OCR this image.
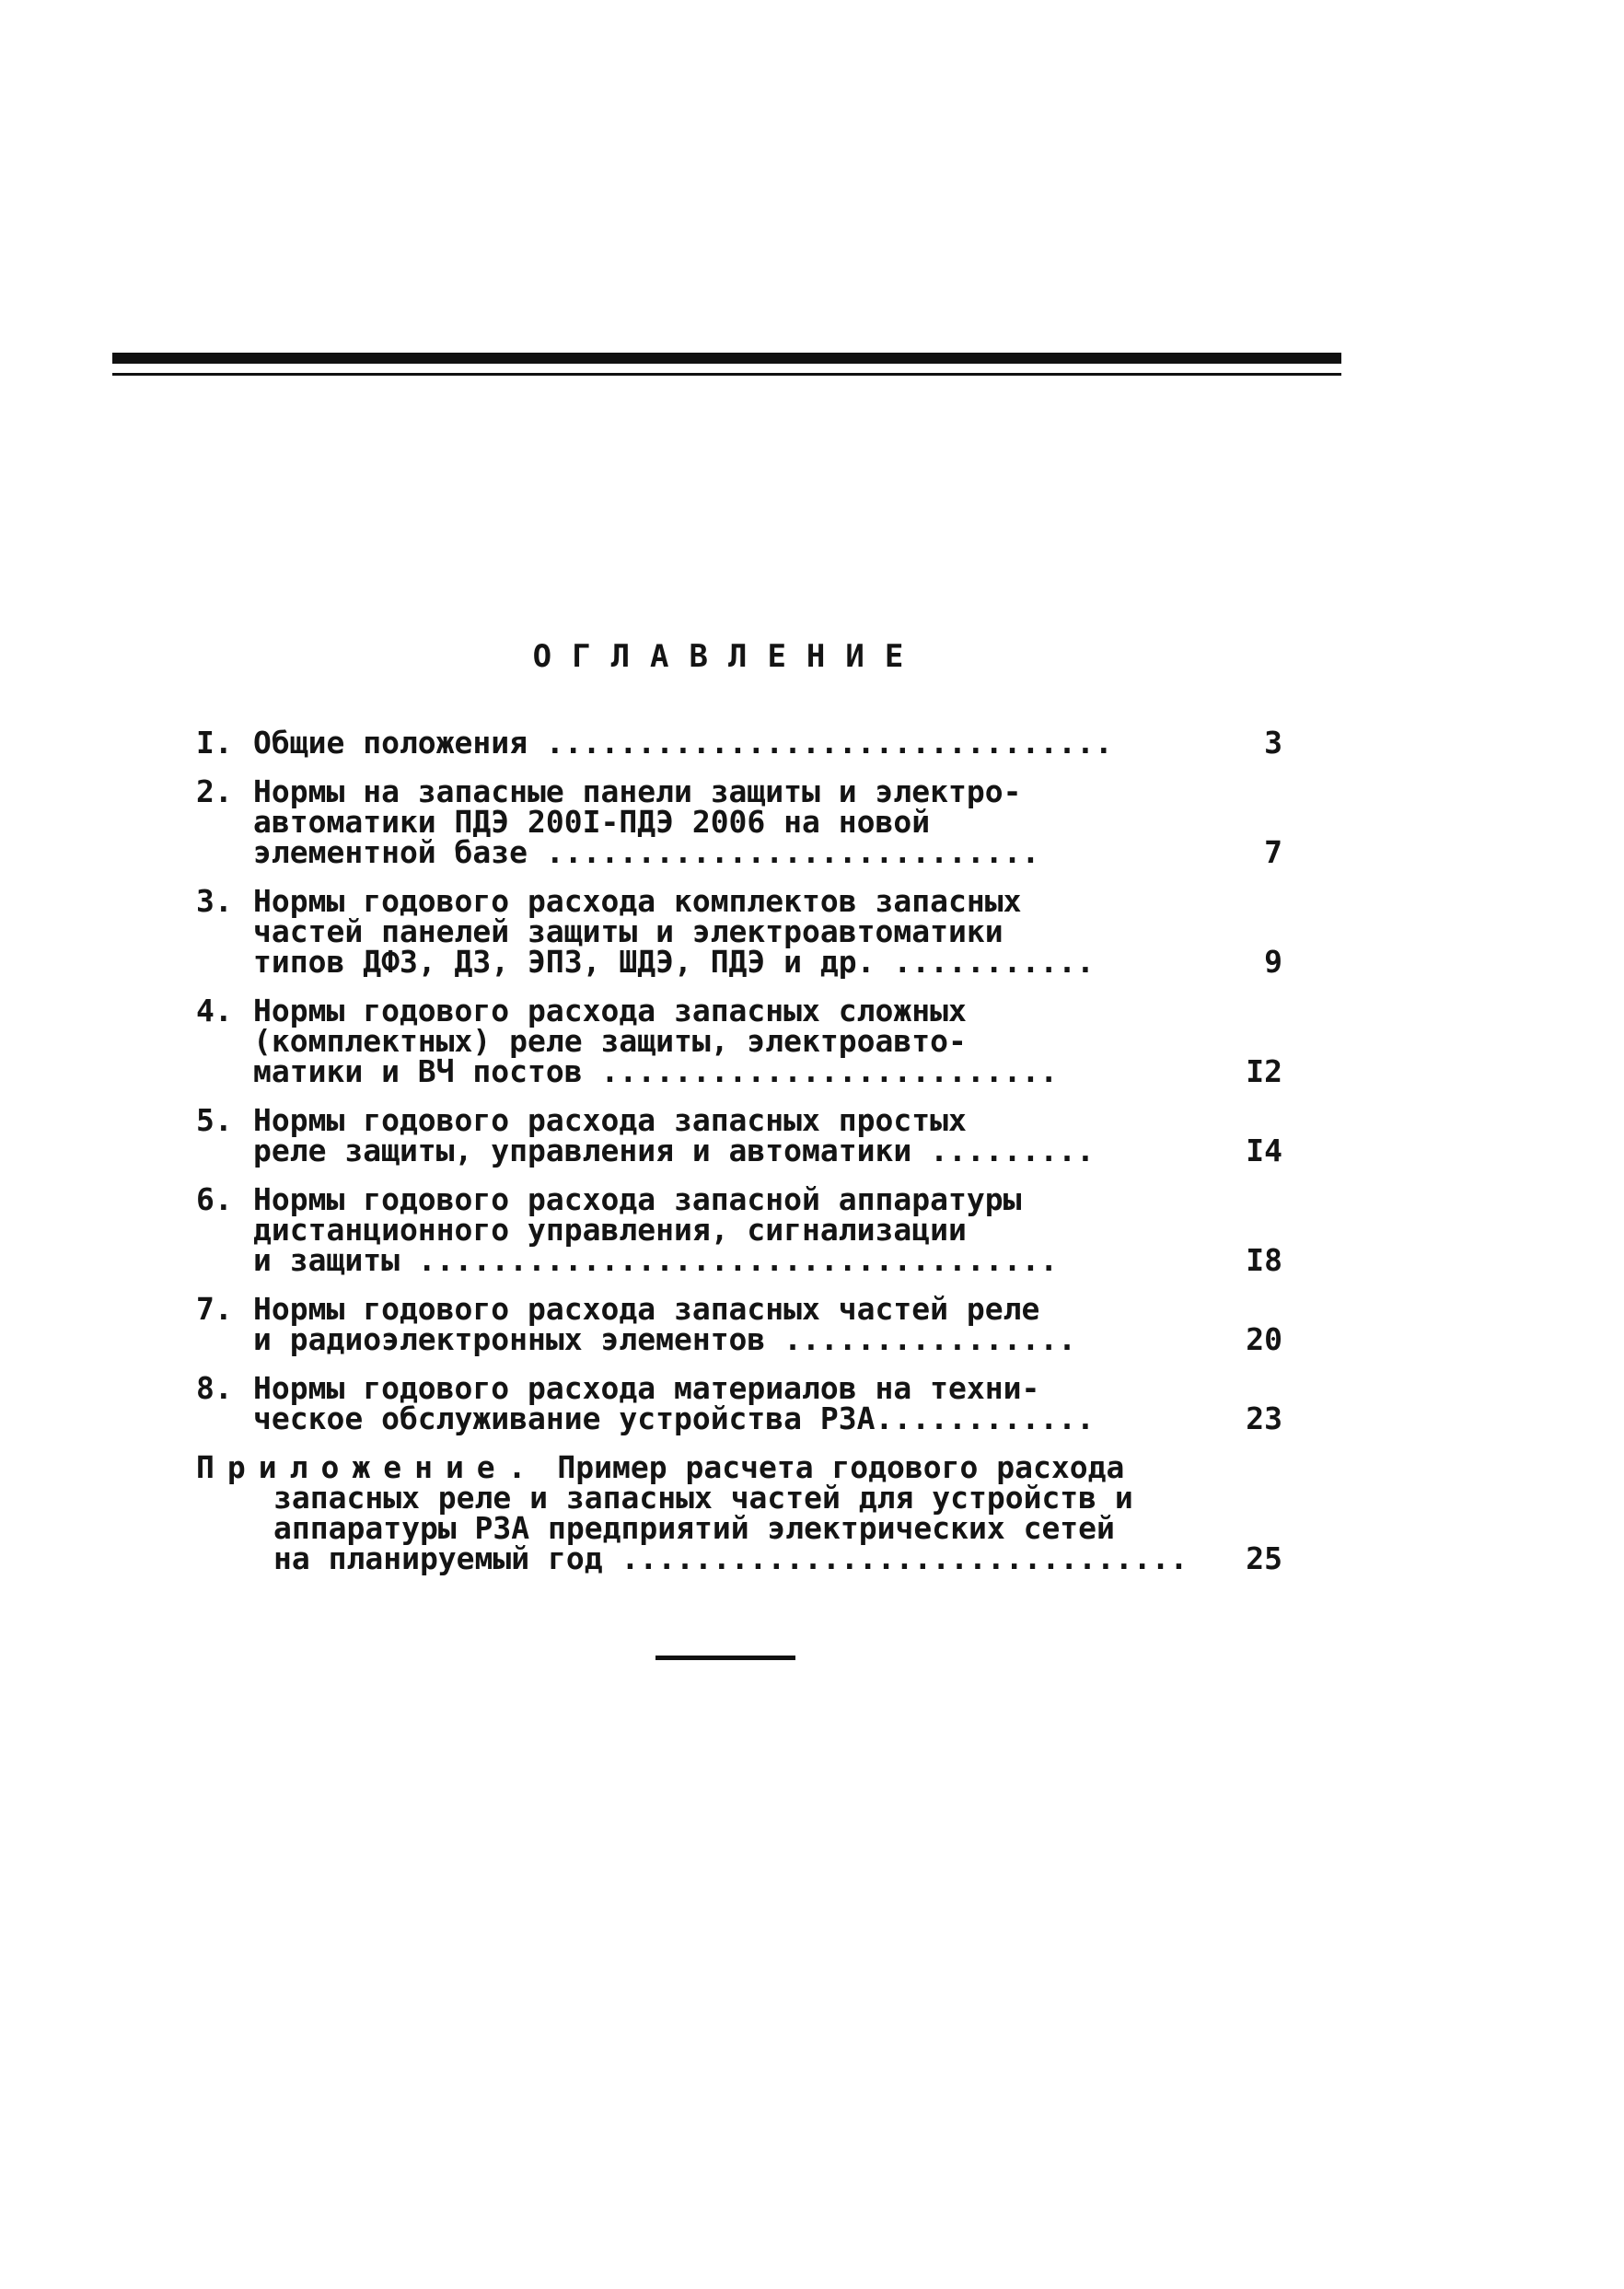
ОГЛАВЛЕНИЕ
I. Общие положения ...............................	3
2. Нормы на запасные панели защиты и электро-
автоматики ПДЭ 200I-ПДЭ 2006 на новой
элементной базе ...........................	7
3. Нормы годового расхода комплектов запасных
частей панелей защиты и электроавтоматики
типов ДФЗ, ДЗ, ЭПЗ, ШДЭ, ПДЭ и др. ...........	9
4. Нормы годового расхода запасных сложных
(комплектных) реле защиты, электроавто-
матики и ВЧ постов .........................	I2
5. Нормы годового расхода запасных простых
реле защиты, управления и автоматики .........	I4
6. Нормы годового расхода запасной аппаратуры
дистанционного управления, сигнализации
и защиты ...................................	I8
7. Нормы годового расхода запасных частей реле
и радиоэлектронных элементов ................	20
8. Нормы годового расхода материалов на техни-
ческое обслуживание устройства РЗА............	23
Приложение. Пример расчета годового расхода
запасных реле и запасных частей для устройств и
аппаратуры РЗА предприятий электрических сетей
на планируемый год ...............................	25
